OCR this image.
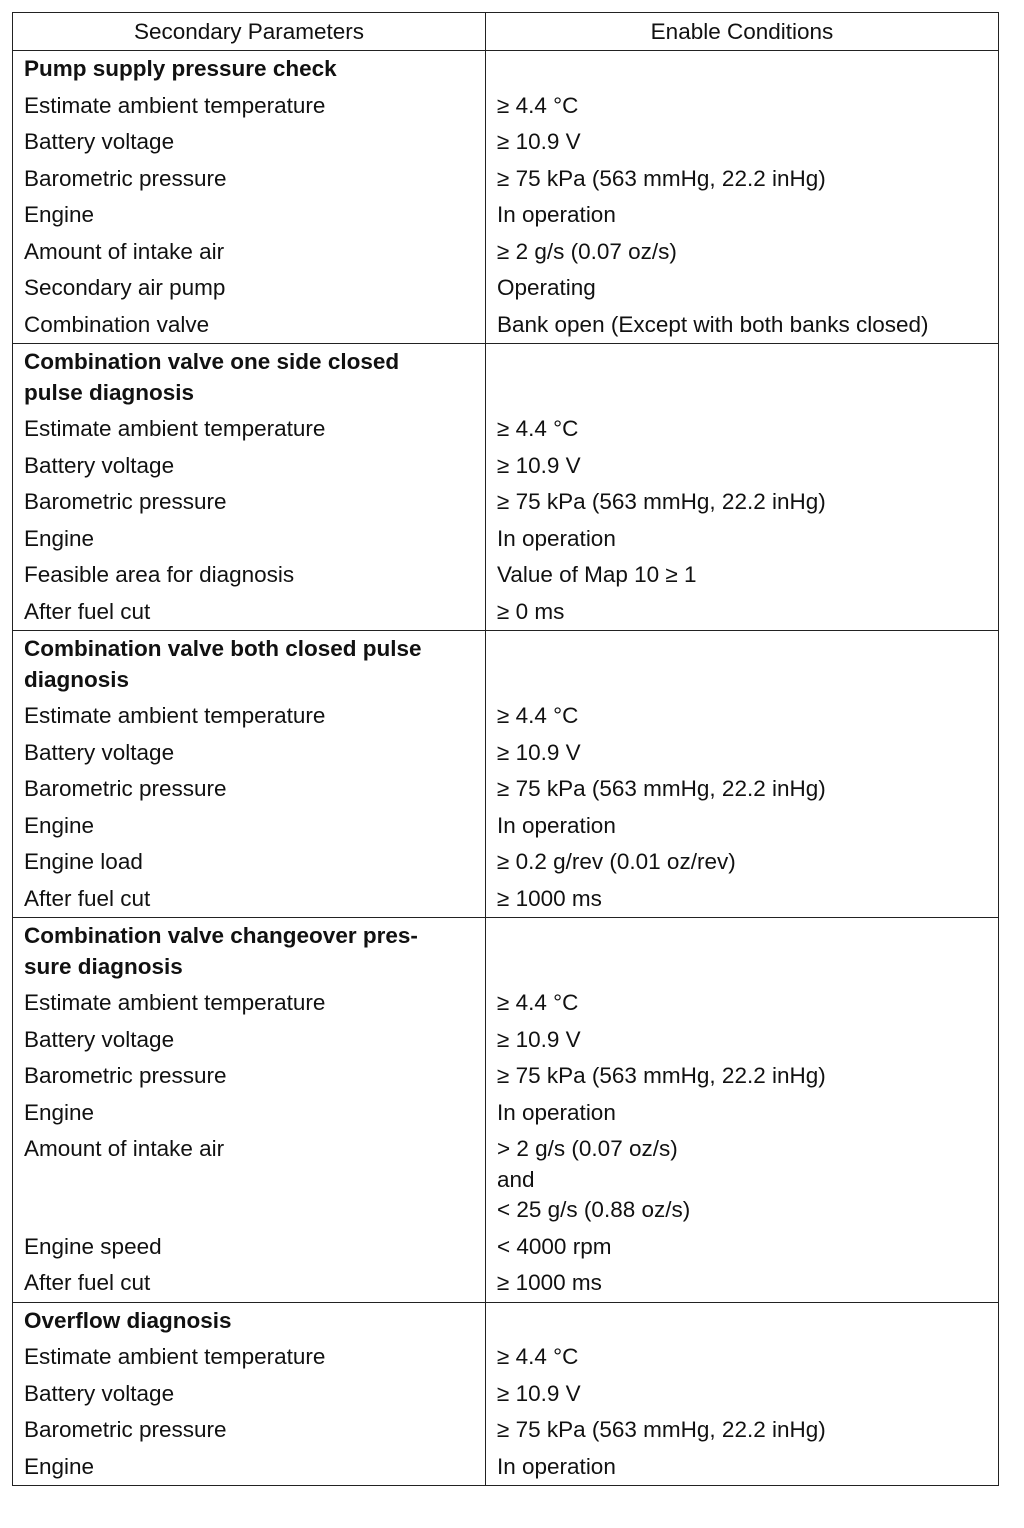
Secondary Parameters	Enable Conditions

Pump supply pressure check	

Estimate ambient temperature	≥ 4.4 °C

Battery voltage	≥ 10.9 V

Barometric pressure	≥ 75 kPa (563 mmHg, 22.2 inHg)

Engine	In operation

Amount of intake air	≥ 2 g/s (0.07 oz/s)

Secondary air pump	Operating

Combination valve	Bank open (Except with both banks closed)

Combination valve one side closed
pulse diagnosis	

Estimate ambient temperature	≥ 4.4 °C

Battery voltage	≥ 10.9 V

Barometric pressure	≥ 75 kPa (563 mmHg, 22.2 inHg)

Engine	In operation

Feasible area for diagnosis	Value of Map 10 ≥ 1

After fuel cut	≥ 0 ms

Combination valve both closed pulse
diagnosis	

Estimate ambient temperature	≥ 4.4 °C

Battery voltage	≥ 10.9 V

Barometric pressure	≥ 75 kPa (563 mmHg, 22.2 inHg)

Engine	In operation

Engine load	≥ 0.2 g/rev (0.01 oz/rev)

After fuel cut	≥ 1000 ms

Combination valve changeover pres-
sure diagnosis	

Estimate ambient temperature	≥ 4.4 °C

Battery voltage	≥ 10.9 V

Barometric pressure	≥ 75 kPa (563 mmHg, 22.2 inHg)

Engine	In operation

Amount of intake air	> 2 g/s (0.07 oz/s)
and
< 25 g/s (0.88 oz/s)

Engine speed	< 4000 rpm

After fuel cut	≥ 1000 ms

Overflow diagnosis	

Estimate ambient temperature	≥ 4.4 °C

Battery voltage	≥ 10.9 V

Barometric pressure	≥ 75 kPa (563 mmHg, 22.2 inHg)

Engine	In operation
